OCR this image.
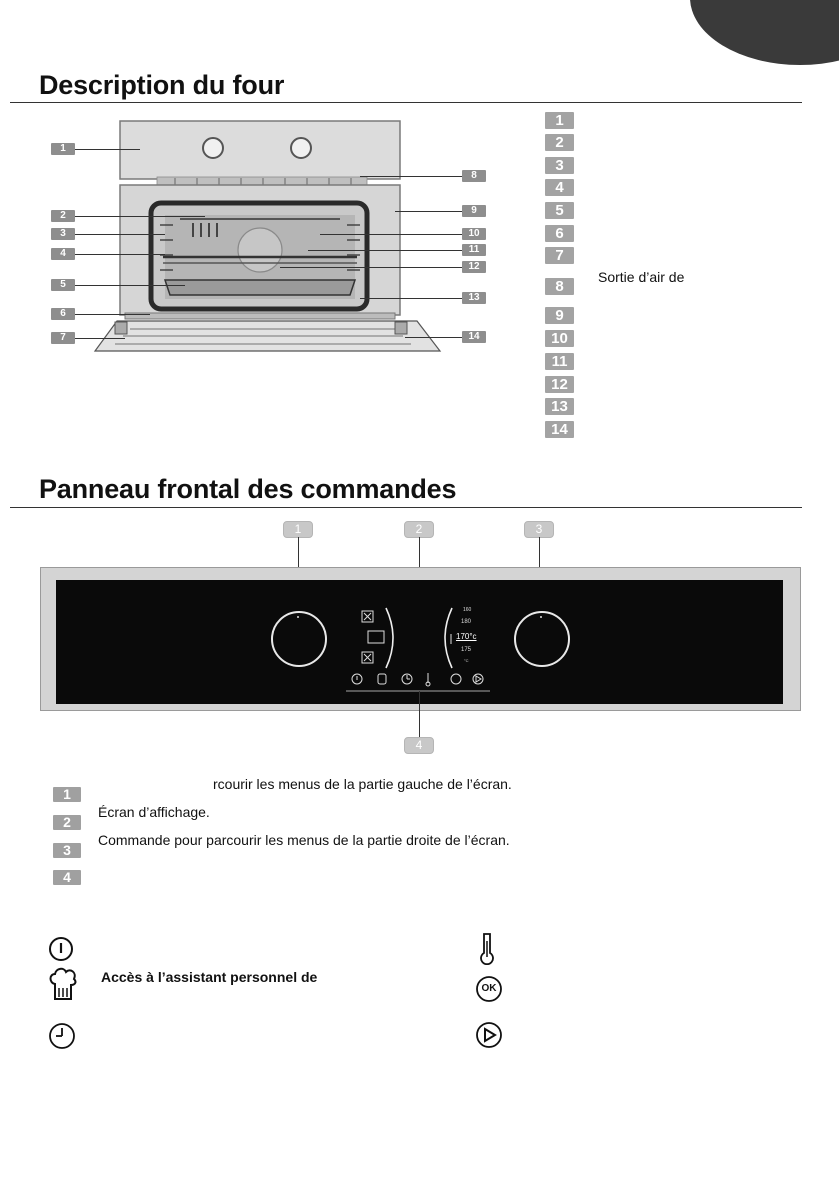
Description du four
1
2
3
4
5
6
7
8
9
10
11
12
13
14
1
2
3
4
5
6
7
8
Sortie d’air de
9
10
11
12
13
14
Panneau frontal des commandes
1	2	3
160
180
170°c
175
°C
4
1
rcourir les menus de la partie gauche de l’écran.
2
Écran d’affichage.
3
Commande pour parcourir les menus de la partie droite de l’écran.
4
Accès à l’assistant personnel de
OK
